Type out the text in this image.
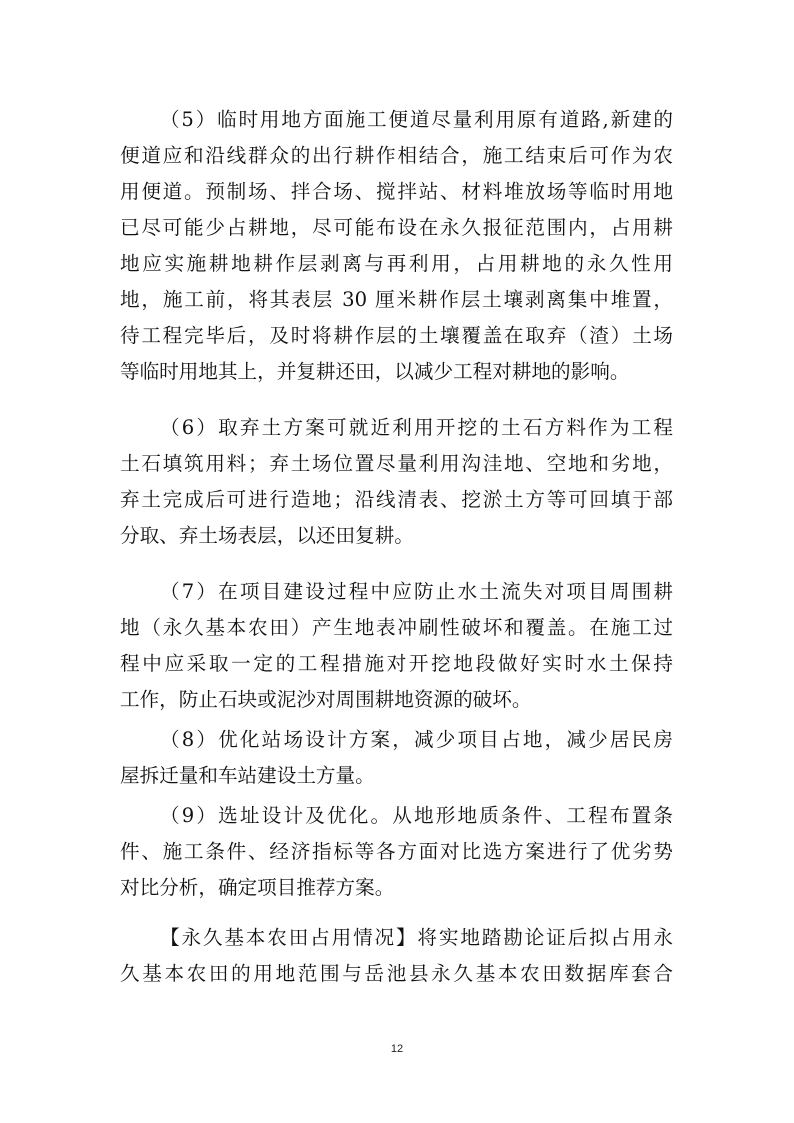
（5）临时用地方面施工便道尽量利用原有道路,新建的
便道应和沿线群众的出行耕作相结合，施工结束后可作为农
用便道。预制场、拌合场、搅拌站、材料堆放场等临时用地
已尽可能少占耕地，尽可能布设在永久报征范围内，占用耕
地应实施耕地耕作层剥离与再利用，占用耕地的永久性用
地，施工前，将其表层 30 厘米耕作层土壤剥离集中堆置，
待工程完毕后，及时将耕作层的土壤覆盖在取弃（渣）土场
等临时用地其上，并复耕还田，以减少工程对耕地的影响。
（6）取弃土方案可就近利用开挖的土石方料作为工程
土石填筑用料；弃土场位置尽量利用沟洼地、空地和劣地，
弃土完成后可进行造地；沿线清表、挖淤土方等可回填于部
分取、弃土场表层，以还田复耕。
（7）在项目建设过程中应防止水土流失对项目周围耕
地（永久基本农田）产生地表冲刷性破坏和覆盖。在施工过
程中应采取一定的工程措施对开挖地段做好实时水土保持
工作，防止石块或泥沙对周围耕地资源的破坏。
（8）优化站场设计方案，减少项目占地，减少居民房
屋拆迁量和车站建设土方量。
（9）选址设计及优化。从地形地质条件、工程布置条
件、施工条件、经济指标等各方面对比选方案进行了优劣势
对比分析，确定项目推荐方案。
【永久基本农田占用情况】将实地踏勘论证后拟占用永
久基本农田的用地范围与岳池县永久基本农田数据库套合
12
